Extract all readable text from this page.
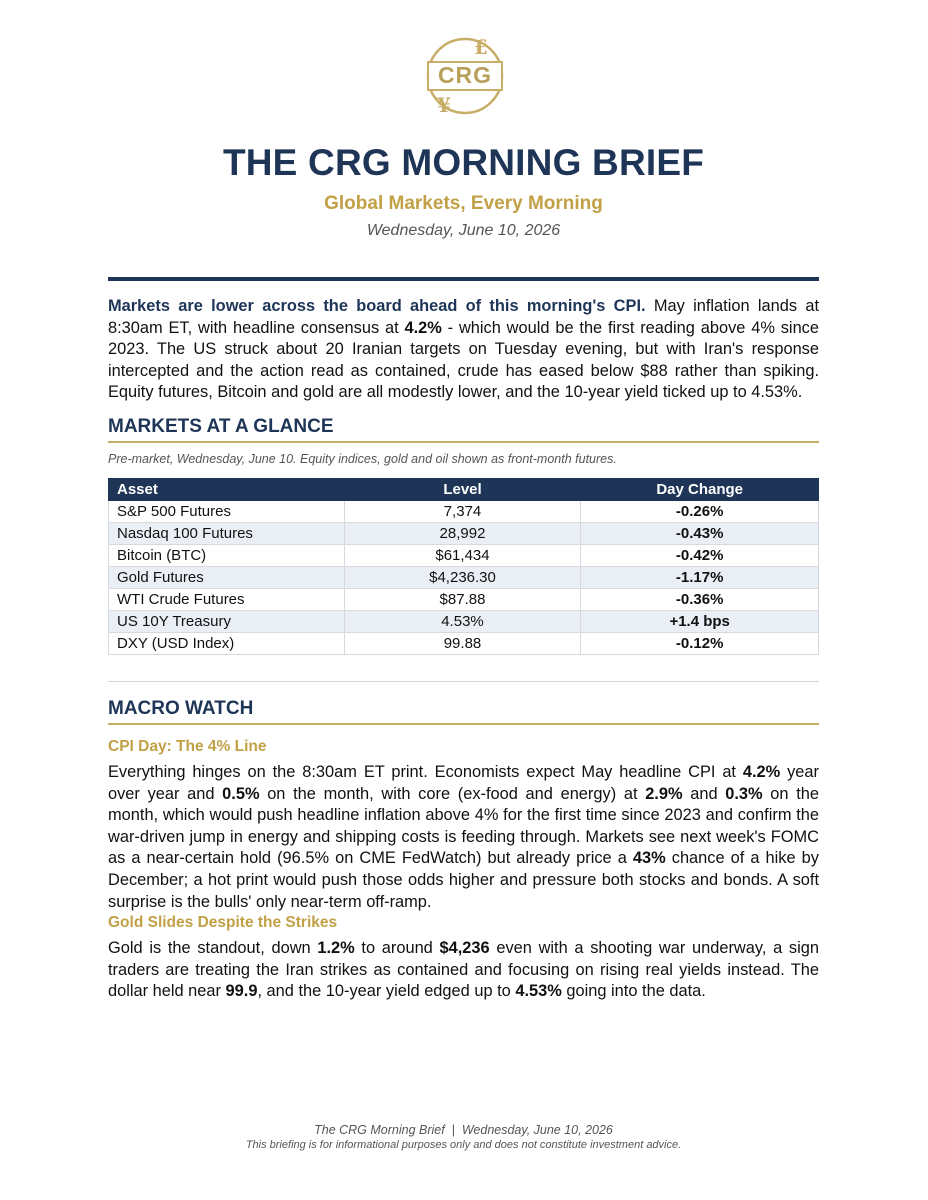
£
¥
CRG
THE CRG MORNING BRIEF
Global Markets, Every Morning
Wednesday, June 10, 2026

Markets are lower across the board ahead of this morning's CPI. May inflation lands at 8:30am ET, with headline consensus at 4.2% - which would be the first reading above 4% since 2023. The US struck about 20 Iranian targets on Tuesday evening, but with Iran's response intercepted and the action read as contained, crude has eased below $88 rather than spiking. Equity futures, Bitcoin and gold are all modestly lower, and the 10-year yield ticked up to 4.53%.

MARKETS AT A GLANCE
Pre-market, Wednesday, June 10. Equity indices, gold and oil shown as front-month futures.
Asset	Level	Day Change
S&P 500 Futures	7,374	-0.26%
Nasdaq 100 Futures	28,992	-0.43%
Bitcoin (BTC)	$61,434	-0.42%
Gold Futures	$4,236.30	-1.17%
WTI Crude Futures	$87.88	-0.36%
US 10Y Treasury	4.53%	+1.4 bps
DXY (USD Index)	99.88	-0.12%
MACRO WATCH
CPI Day: The 4% Line

Everything hinges on the 8:30am ET print. Economists expect May headline CPI at 4.2% year over year and 0.5% on the month, with core (ex-food and energy) at 2.9% and 0.3% on the month, which would push headline inflation above 4% for the first time since 2023 and confirm the war-driven jump in energy and shipping costs is feeding through. Markets see next week's FOMC as a near-certain hold (96.5% on CME FedWatch) but already price a 43% chance of a hike by December; a hot print would push those odds higher and pressure both stocks and bonds. A soft surprise is the bulls' only near-term off-ramp.

Gold Slides Despite the Strikes

Gold is the standout, down 1.2% to around $4,236 even with a shooting war underway, a sign traders are treating the Iran strikes as contained and focusing on rising real yields instead. The dollar held near 99.9, and the 10-year yield edged up to 4.53% going into the data.

The CRG Morning Brief  |  Wednesday, June 10, 2026
This briefing is for informational purposes only and does not constitute investment advice.
